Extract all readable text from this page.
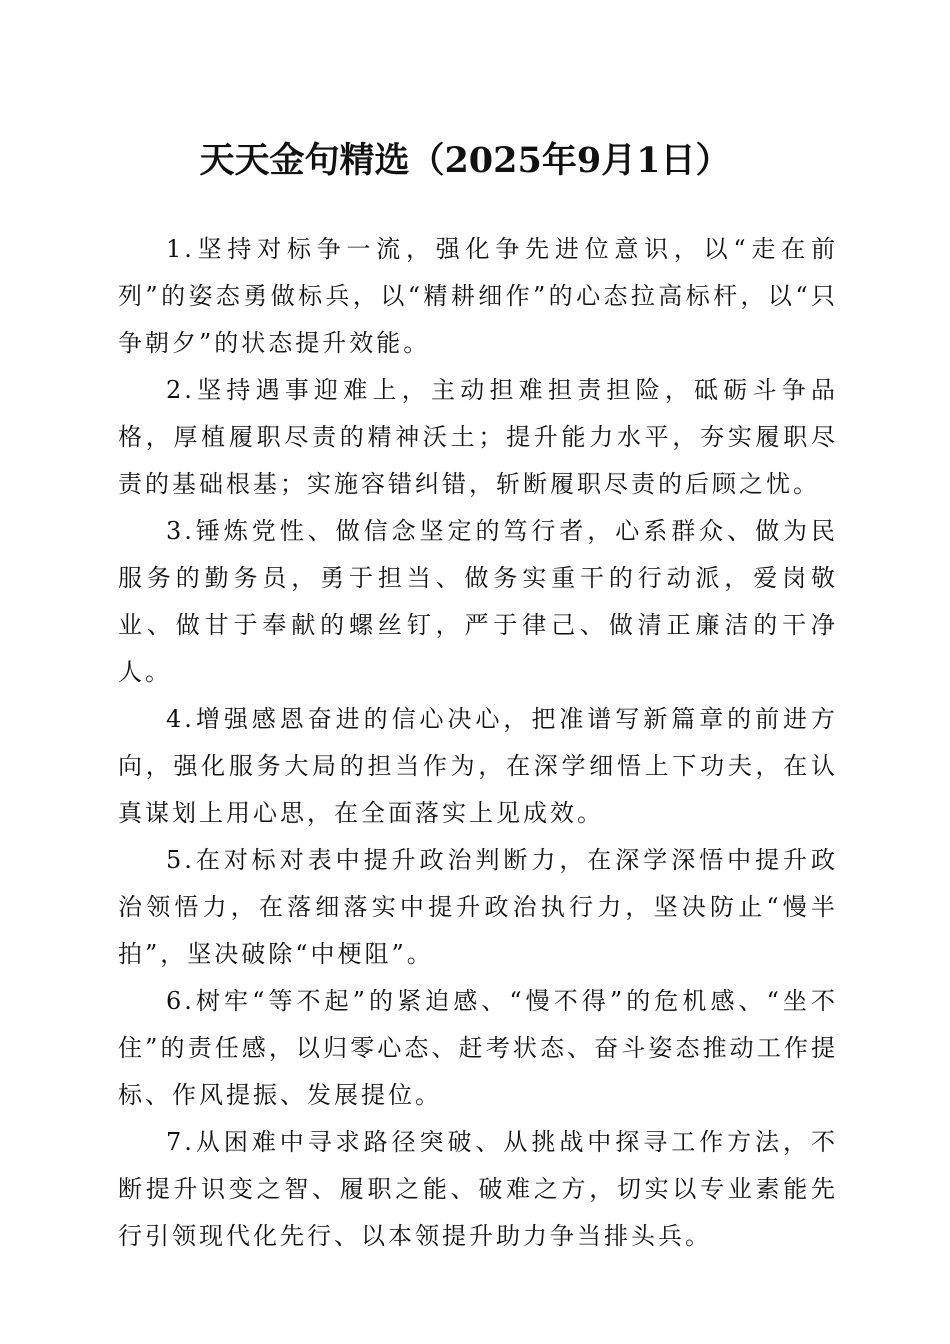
天天金句精选（2025年9月1日）

1.坚持对标争一流，强化争先进位意识，以“走在前列”的姿态勇做标兵，以“精耕细作”的心态拉高标杆，以“只争朝夕”的状态提升效能。

2.坚持遇事迎难上，主动担难担责担险，砥砺斗争品格，厚植履职尽责的精神沃土；提升能力水平，夯实履职尽责的基础根基；实施容错纠错，斩断履职尽责的后顾之忧。

3.锤炼党性、做信念坚定的笃行者，心系群众、做为民服务的勤务员，勇于担当、做务实重干的行动派，爱岗敬业、做甘于奉献的螺丝钉，严于律己、做清正廉洁的干净人。

4.增强感恩奋进的信心决心，把准谱写新篇章的前进方向，强化服务大局的担当作为，在深学细悟上下功夫，在认真谋划上用心思，在全面落实上见成效。

5.在对标对表中提升政治判断力，在深学深悟中提升政治领悟力，在落细落实中提升政治执行力，坚决防止“慢半拍”，坚决破除“中梗阻”。

6.树牢“等不起”的紧迫感、“慢不得”的危机感、“坐不住”的责任感，以归零心态、赶考状态、奋斗姿态推动工作提标、作风提振、发展提位。

7.从困难中寻求路径突破、从挑战中探寻工作方法，不断提升识变之智、履职之能、破难之方，切实以专业素能先行引领现代化先行、以本领提升助力争当排头兵。
